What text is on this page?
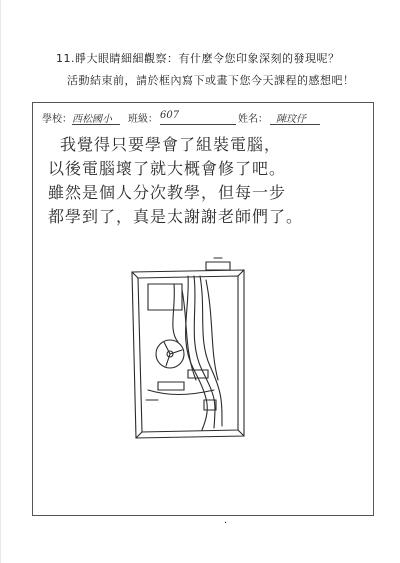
11.睜大眼睛細細觀察：有什麼令您印象深刻的發現呢？
活動結束前，請於框內寫下或畫下您今天課程的感想吧！
學校： 西松國小 班級： 607	姓名： 陳玟伃
我覺得只要學會了組裝電腦，
以後電腦壞了就大概會修了吧。
雖然是個人分次教學，但每一步
都學到了，真是太謝謝老師們了。
.
